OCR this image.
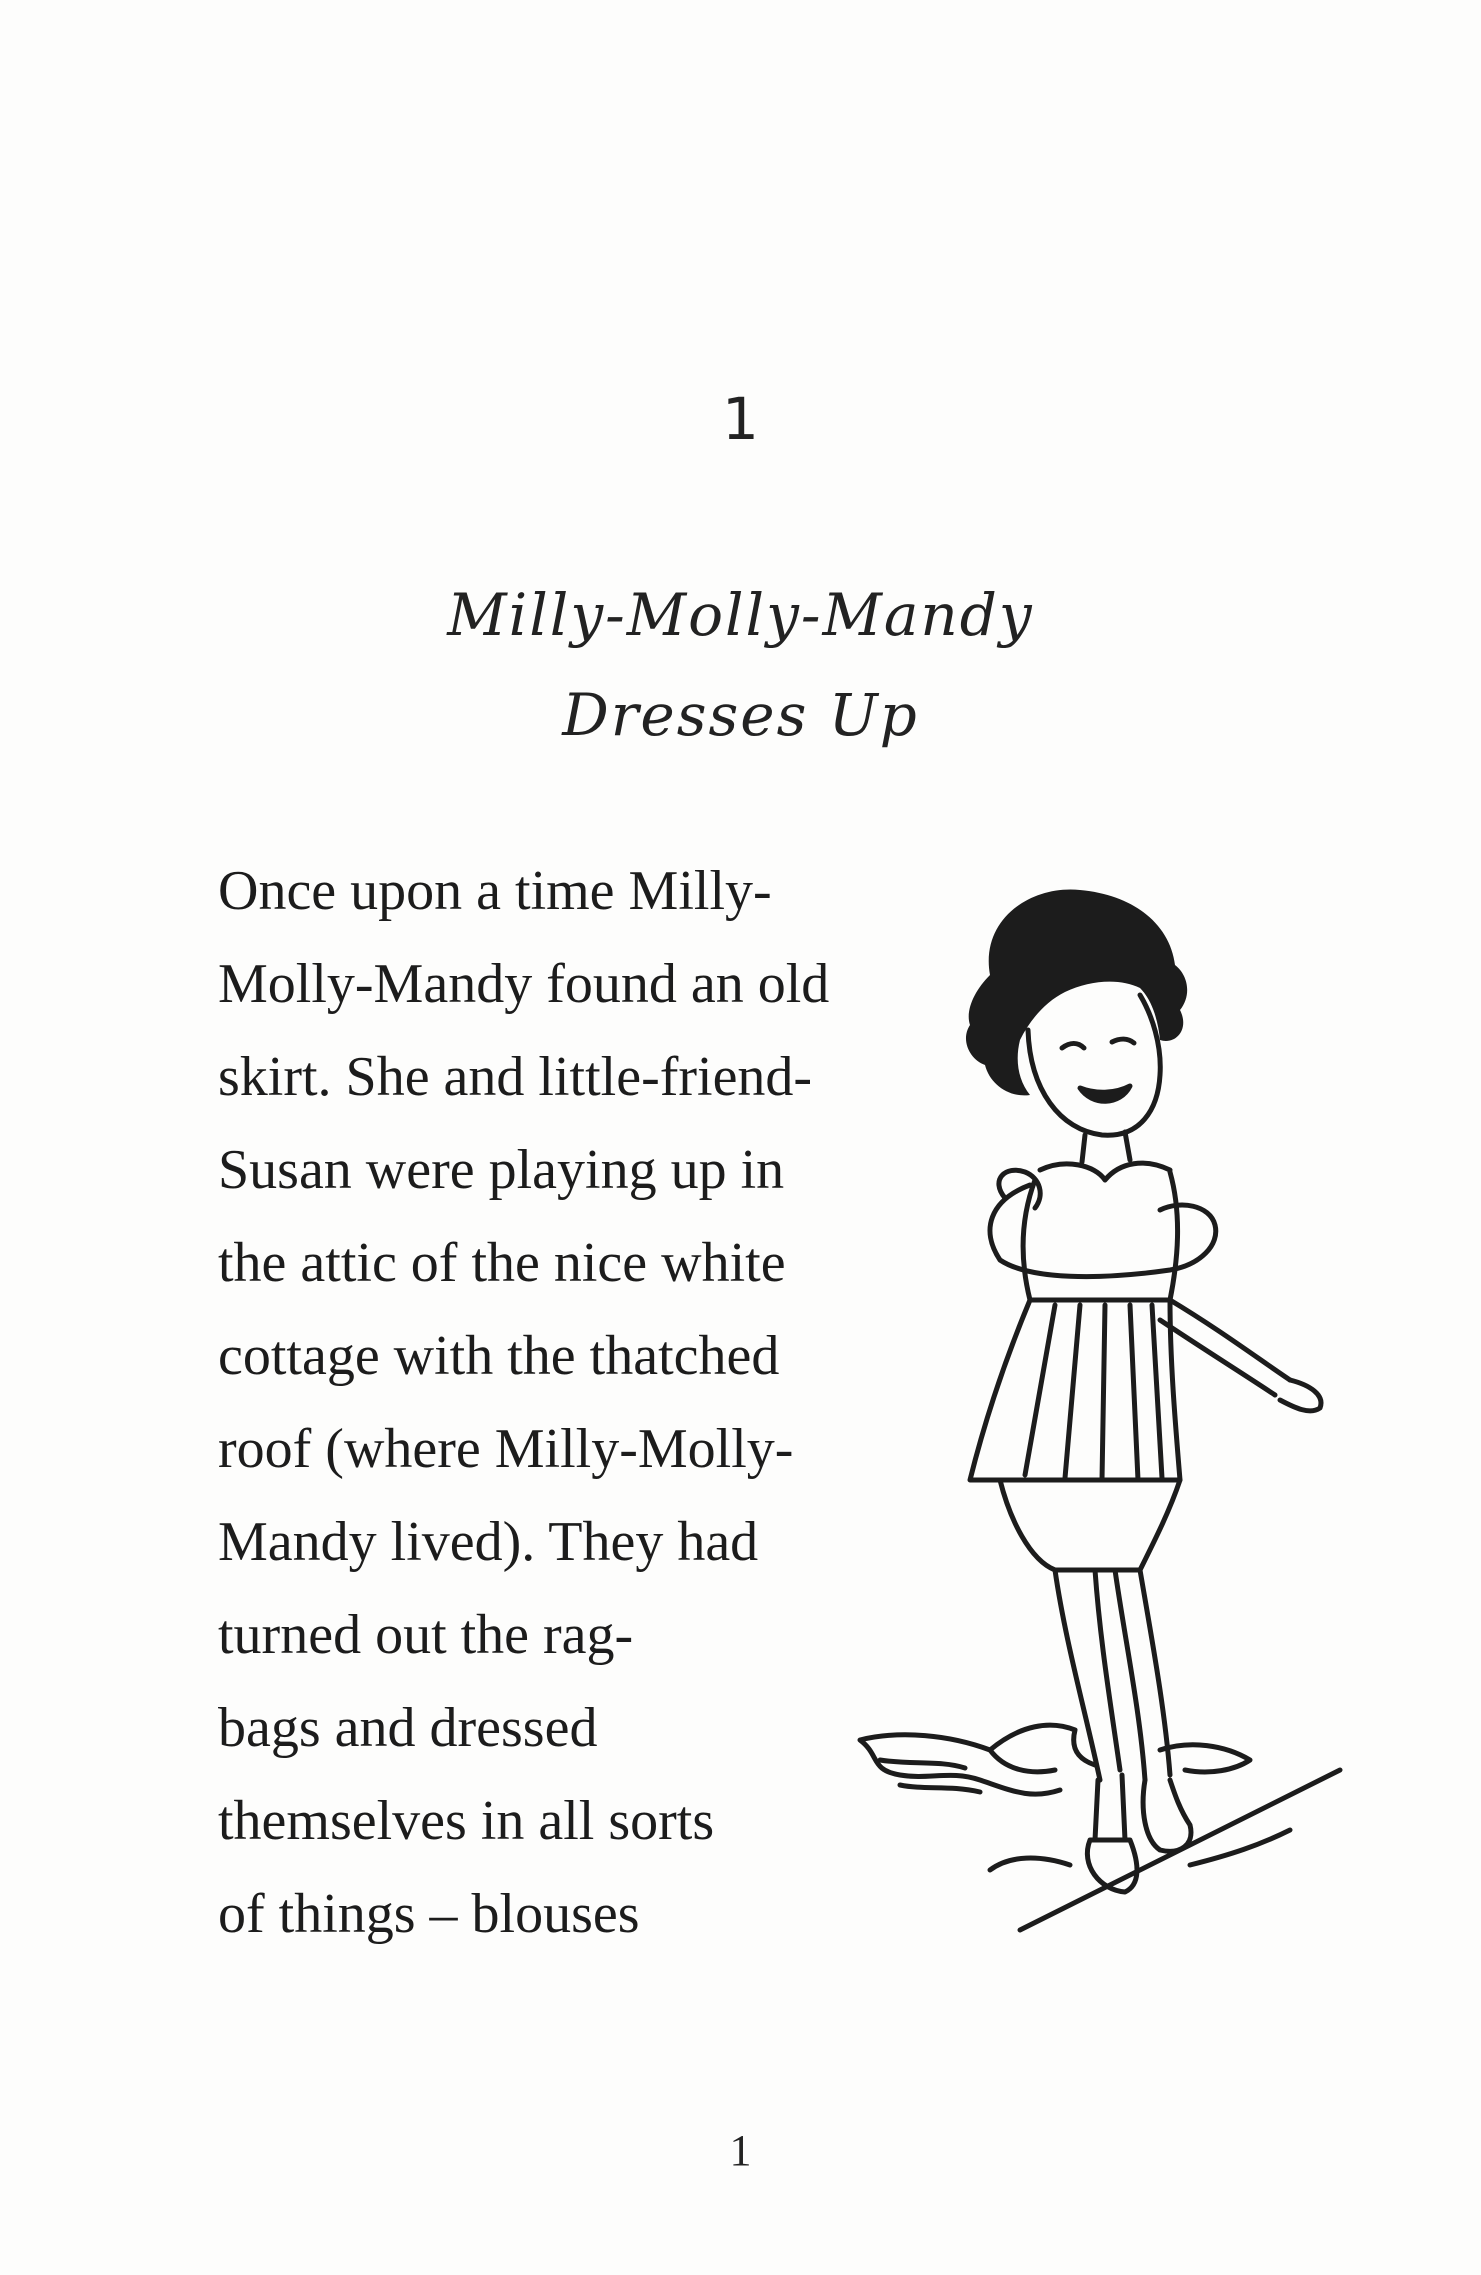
1
Milly-Molly-Mandy
Dresses Up
Once upon a time Milly-
Molly-Mandy found an old
skirt. She and little-friend-
Susan were playing up in
the attic of the nice white
cottage with the thatched
roof (where Milly-Molly-
Mandy lived). They had
turned out the rag-
bags and dressed
themselves in all sorts
of things – blouses
1
